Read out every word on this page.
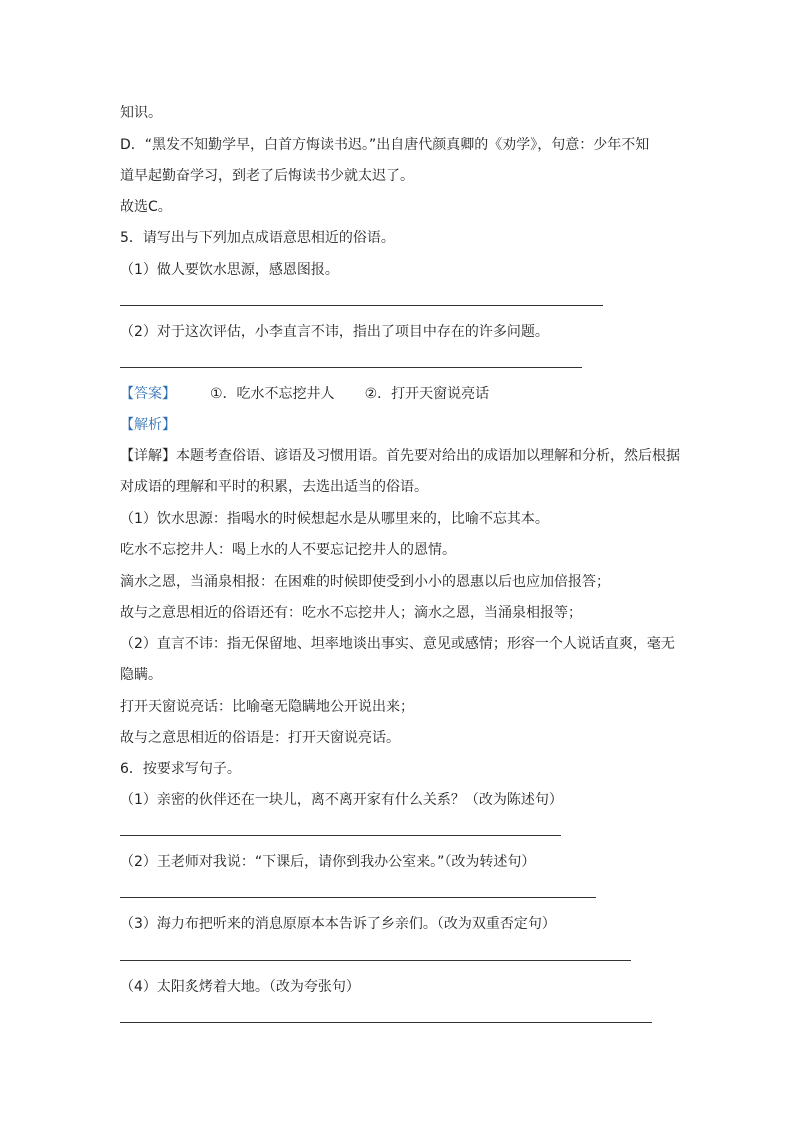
知识。
D．“黑发不知勤学早，白首方悔读书迟。”出自唐代颜真卿的《劝学》，句意：少年不知
道早起勤奋学习，到老了后悔读书少就太迟了。
故选C。
5．请写出与下列加点成语意思相近的俗语。
（1）做人要饮水思源，感恩图报。
（2）对于这次评估，小李直言不讳，指出了项目中存在的许多问题。
【答案】 ①．吃水不忘挖井人 ②．打开天窗说亮话
【解析】
【详解】本题考查俗语、谚语及习惯用语。首先要对给出的成语加以理解和分析，然后根据
对成语的理解和平时的积累，去选出适当的俗语。
（1）饮水思源：指喝水的时候想起水是从哪里来的，比喻不忘其本。
吃水不忘挖井人：喝上水的人不要忘记挖井人的恩情。
滴水之恩，当涌泉相报：在困难的时候即使受到小小的恩惠以后也应加倍报答；
故与之意思相近的俗语还有：吃水不忘挖井人；滴水之恩，当涌泉相报等；
（2）直言不讳：指无保留地、坦率地谈出事实、意见或感情；形容一个人说话直爽，毫无
隐瞒。
打开天窗说亮话：比喻毫无隐瞒地公开说出来；
故与之意思相近的俗语是：打开天窗说亮话。
6．按要求写句子。
（1）亲密的伙伴还在一块儿，离不离开家有什么关系？（改为陈述句）
（2）王老师对我说：“下课后，请你到我办公室来。”（改为转述句）
（3）海力布把听来的消息原原本本告诉了乡亲们。（改为双重否定句）
（4）太阳炙烤着大地。（改为夸张句）
